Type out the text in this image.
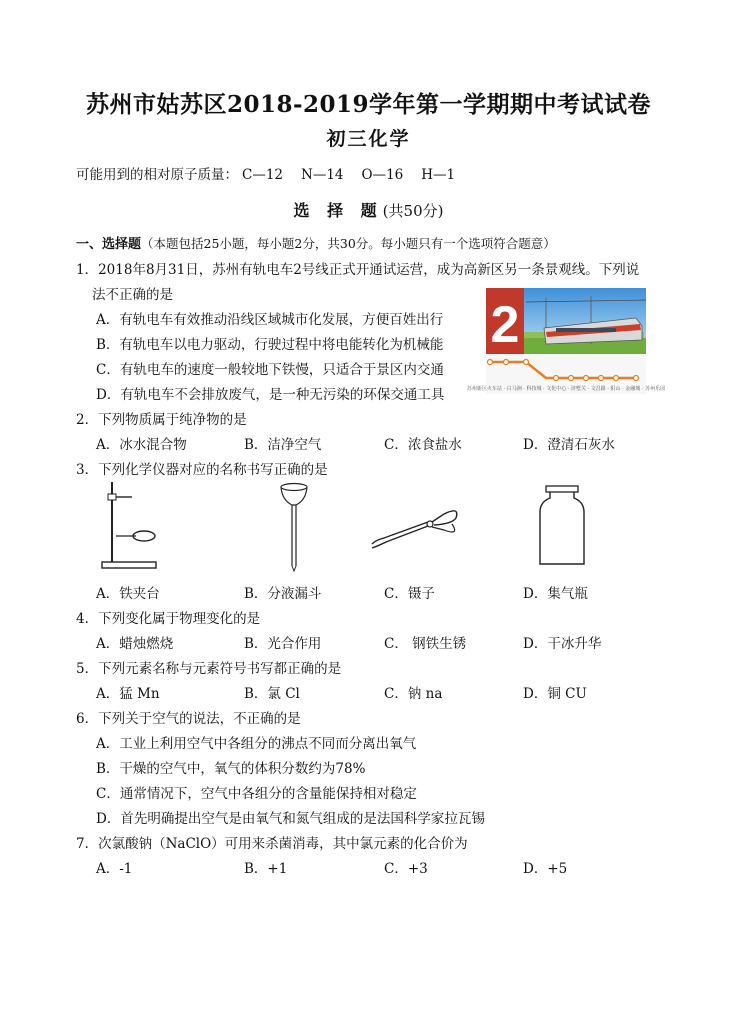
苏州市姑苏区2018-2019学年第一学期期中考试试卷
初三化学
可能用到的相对原子质量： C—12 N—14 O—16 H—1
选 择 题(共50分)
一、选择题（本题包括25小题，每小题2分，共30分。每小题只有一个选项符合题意）
1．2018年8月31日，苏州有轨电车2号线正式开通试运营，成为高新区另一条景观线。下列说
法不正确的是
A．有轨电车有效推动沿线区域城市化发展，方便百姓出行
B．有轨电车以电力驱动，行驶过程中将电能转化为机械能
C．有轨电车的速度一般较地下铁慢，只适合于景区内交通
D．有轨电车不会排放废气，是一种无污染的环保交通工具
2
苏州新区火车站 · 白马涧 · 科技城 · 文化中心 · 浒墅关 · 文昌路 · 阳山 · 金融城 · 苏州乐园
2．下列物质属于纯净物的是
A．冰水混合物	B．洁净空气	C．浓食盐水	D．澄清石灰水
3．下列化学仪器对应的名称书写正确的是
A．铁夹台	B．分液漏斗	C．镊子	D．集气瓶
4．下列变化属于物理变化的是
A．蜡烛燃烧	B．光合作用	C． 钢铁生锈	D．干冰升华
5．下列元素名称与元素符号书写都正确的是
A．猛 Mn	B．氯 Cl	C．钠 na	D．铜 CU
6．下列关于空气的说法，不正确的是
A．工业上利用空气中各组分的沸点不同而分离出氧气
B．干燥的空气中，氧气的体积分数约为78%
C．通常情况下，空气中各组分的含量能保持相对稳定
D．首先明确提出空气是由氧气和氮气组成的是法国科学家拉瓦锡
7．次氯酸钠（NaClO）可用来杀菌消毒，其中氯元素的化合价为
A．-1	B．+1	C．+3	D．+5
